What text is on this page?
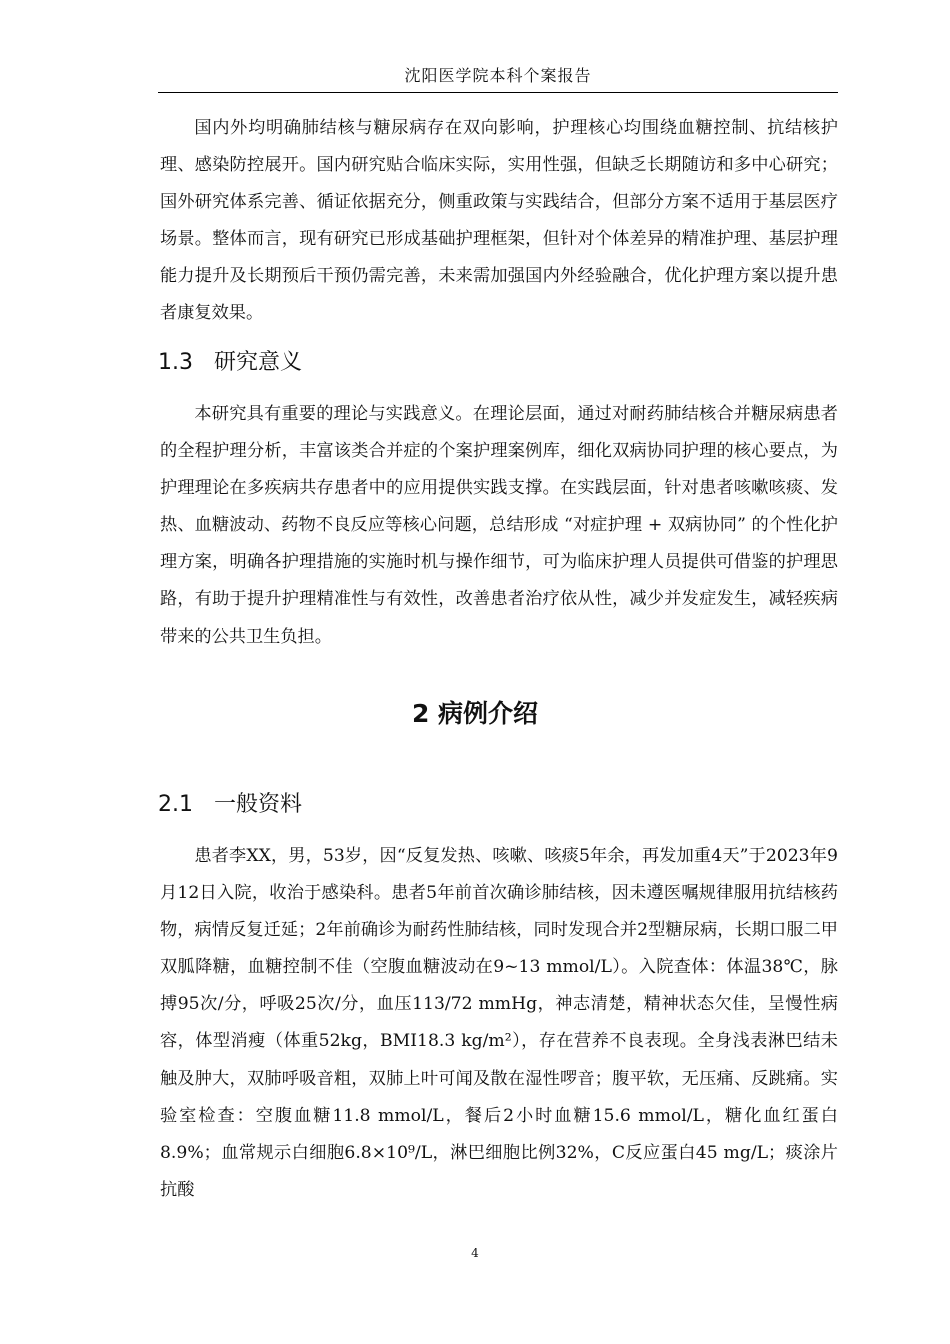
沈阳医学院本科个案报告

国内外均明确肺结核与糖尿病存在双向影响，护理核心均围绕血糖控制、抗结核护理、感染防控展开。国内研究贴合临床实际，实用性强，但缺乏长期随访和多中心研究；国外研究体系完善、循证依据充分，侧重政策与实践结合，但部分方案不适用于基层医疗场景。整体而言，现有研究已形成基础护理框架，但针对个体差异的精准护理、基层护理能力提升及长期预后干预仍需完善，未来需加强国内外经验融合，优化护理方案以提升患者康复效果。

1.3 研究意义

本研究具有重要的理论与实践意义。在理论层面，通过对耐药肺结核合并糖尿病患者的全程护理分析，丰富该类合并症的个案护理案例库，细化双病协同护理的核心要点，为护理理论在多疾病共存患者中的应用提供实践支撑。在实践层面，针对患者咳嗽咳痰、发热、血糖波动、药物不良反应等核心问题，总结形成 “对症护理 + 双病协同” 的个性化护理方案，明确各护理措施的实施时机与操作细节，可为临床护理人员提供可借鉴的护理思路，有助于提升护理精准性与有效性，改善患者治疗依从性，减少并发症发生，减轻疾病带来的公共卫生负担。

2 病例介绍
2.1 一般资料

患者李XX，男，53岁，因“反复发热、咳嗽、咳痰5年余，再发加重4天”于2023年9月12日入院，收治于感染科。患者5年前首次确诊肺结核，因未遵医嘱规律服用抗结核药物，病情反复迁延；2年前确诊为耐药性肺结核，同时发现合并2型糖尿病，长期口服二甲双胍降糖，血糖控制不佳（空腹血糖波动在9~13 mmol/L）。入院查体：体温38℃，脉搏95次/分，呼吸25次/分，血压113/72 mmHg，神志清楚，精神状态欠佳，呈慢性病容，体型消瘦（体重52kg，BMI18.3 kg/m²），存在营养不良表现。全身浅表淋巴结未触及肿大，双肺呼吸音粗，双肺上叶可闻及散在湿性啰音；腹平软，无压痛、反跳痛。实验室检查：空腹血糖11.8 mmol/L，餐后2小时血糖15.6 mmol/L，糖化血红蛋白8.9%；血常规示白细胞6.8×10⁹/L，淋巴细胞比例32%，C反应蛋白45 mg/L；痰涂片抗酸

4
